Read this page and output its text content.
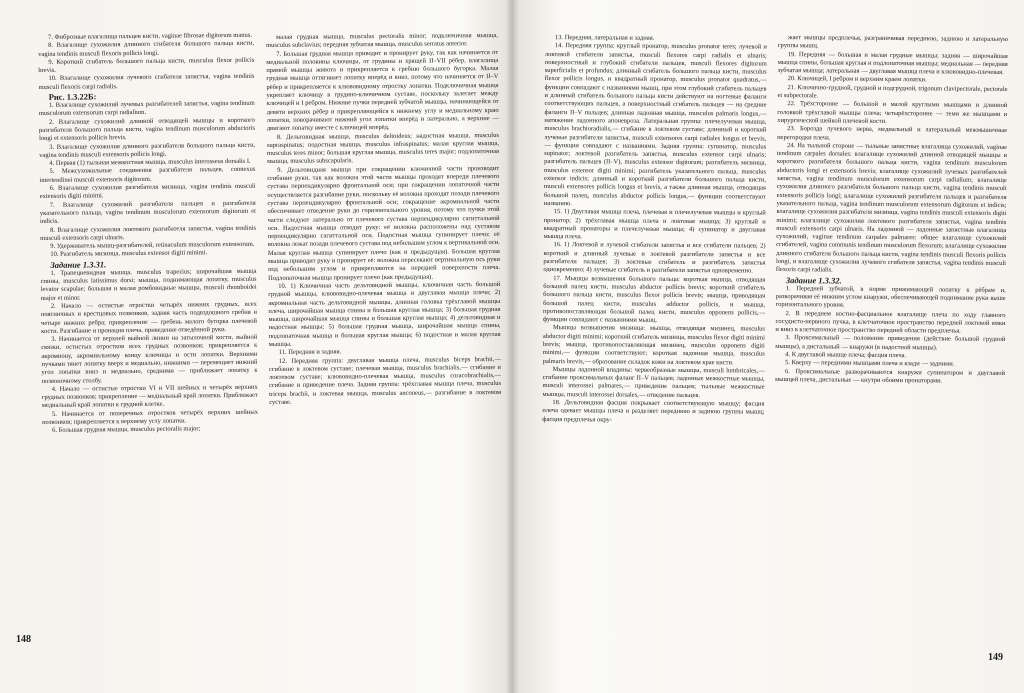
7. Фиброзные влагалища пальцев кисти, vaginae fibrosae digitorum manus.

8. Влагалище сухожилия длинного сгибателя большого пальца кисти, vagina tendinis musculi flexoris pollicis longi.

9. Короткий сгибатель большого пальца кисти, musculus flexor pollicis brevis.

10. Влагалище сухожилия лучевого сгибателя запястья, vagina tendinis musculi flexoris carpi radialis.

Рис. 1.3.22Б:

1. Влагалище сухожилий лучевых разгибателей запястья, vagina tendinum musculorum extensorum carpi radialium.

2. Влагалище сухожилий длинной отводящей мышцы и короткого разгибателя большого пальца кисти, vagina tendinum musculorum abductoris longi et extensoris pollicis brevis.

3. Влагалище сухожилия длинного разгибателя большого пальца кисти, vagina tendinis musculi extensoris pollicis longi.

4. Первая (1) тыльная межкостная мышца, musculus interosseus dorsalis I.

5. Межсухожильные соединения разгибателя пальцев, connexus intertendinei musculi extensoris digitorum.

6. Влагалище сухожилия разгибателя мизинца, vagina tendinis musculi extensoris digiti minimi.

7. Влагалище сухожилий разгибателя пальцев и разгибателя указательного пальца, vagina tendinum musculorum extensorum digitorum et indicis.

8. Влагалище сухожилия локтевого разгибателя запястья, vagina tendinis musculi extensoris carpi ulnaris.

9. Удерживатель мышц-разгибателей, retinaculum musculorum extensorum.

10. Разгибатель мизинца, musculus extensor digiti minimi.

Задание 1.3.31.

1. Трапециевидная мышца, musculus trapezius; широчайшая мышца спины, musculus latissimus dorsi; мышца, поднимающая лопатку, musculus levator scapulae; большая и малая ромбовидные мышцы, musculi rhomboidei major et minor.

2. Начало — остистые отростки четырёх нижних грудных, всех поясничных и крестцовых позвонков, задняя часть подвздошного гребня и четыре нижних ребра; прикрепление — гребень малого бугорка плечевой кости. Разгибание и пронация плеча, приведение отведённой руки.

3. Начинается от верхней выйной линии на затылочной кости, выйной связки, остистых отростков всех грудных позвонков; прикрепляется к акромиону, акромиальному концу ключицы и ости лопатки. Верхними пучками тянет лопатку вверх и медиально, нижними — перемещает нижний угол лопатки вниз и медиально, средними — приближает лопатку к позвоночному столбу.

4. Начало — остистые отростки VI и VII шейных и четырёх верхних грудных позвонков; прикрепление — медиальный край лопатки. Приближает медиальный край лопатки к грудной клетке.

5. Начинается от поперечных отростков четырёх верхних шейных позвонков; прикрепляется к верхнему углу лопатки.

6. Большая грудная мышца, musculus pectoralis major;

малая грудная мышца, musculus pectoralis minor; подключичная мышца, musculus subclavius; передняя зубчатая мышца, musculus serratus anterior.

7. Большая грудная мышца приводит и пронирует руку, так как начинается от медиальной половины ключицы, от грудины и хрящей II–VII рёбер, влагалища прямой мышцы живота и прикрепляется к гребню большого бугорка. Малая грудная мышца оттягивает лопатку вперёд и вниз, потому что начинается от II–V рёбер и прикрепляется к клювовидному отростку лопатки. Подключичная мышца укрепляет ключицу в грудино-ключичном суставе, поскольку залегает между ключицей и I ребром. Нижние пучки передней зубчатой мышцы, начинающейся от девяти верхних рёбер и прикрепляющейся к нижнему углу и медиальному краю лопатки, поворачивают нижний угол лопатки вперёд и латерально, а верхние — двигают лопатку вместе с ключицей вперёд.

8. Дельтовидная мышца, musculus deltoideus; надостная мышца, musculus supraspinatus; подостная мышца, musculus infraspinatus; малая круглая мышца, musculus teres minor; большая круглая мышца, musculus teres major; подлопаточная мышца, musculus subscapularis.

9. Дельтовидная мышца при сокращении ключичной части производит сгибание руки, так как волокна этой части мышцы проходят впереди плечевого сустава перпендикулярно фронтальной оси; при сокращении лопаточной части осуществляется разгибание руки, поскольку её волокна проходят позади плечевого сустава перпендикулярно фронтальной оси; сокращение акромиальной части обеспечивает отведение руки до горизонтального уровня, потому что пучки этой части следуют латерально от плечевого сустава перпендикулярно сагиттальной оси. Надостная мышца отводит руку: её волокна расположены над суставом перпендикулярно сагиттальной оси. Подостная мышца супинирует плечо: её волокна лежат позади плечевого сустава под небольшим углом к вертикальной оси. Малая круглая мышца супинирует плечо (как и предыдущая). Большая круглая мышца приводит руку и пронирует её: волокна пересекают вертикальную ось руки под небольшим углом и прикрепляются на передней поверхности плеча. Подлопаточная мышца пронирует плечо (как предыдущая).

10. 1) Ключичная часть дельтовидной мышцы, ключичная часть большой грудной мышцы, клювовидно-плечевая мышца и двуглавая мышца плеча; 2) акромиальная часть дельтовидной мышцы, длинная головка трёхглавой мышцы плеча, широчайшая мышца спины и большая круглая мышца; 3) большая грудная мышца, широчайшая мышца спины и большая круглая мышца; 4) дельтовидная и надостная мышцы; 5) большая грудная мышца, широчайшая мышца спины, подлопаточная мышца и большая круглая мышца; 6) подостная и малая круглая мышцы.

11. Передняя и задняя.

12. Передняя группа: двуглавая мышца плеча, musculus biceps brachii,— сгибание в локтевом суставе; плечевая мышца, musculus brachialis,— сгибание в локтевом суставе; клювовидно-плечевая мышца, musculus coracobrachialis,— сгибание и приведение плеча. Задняя группа: трёхглавая мышца плеча, musculus triceps brachii, и локтевая мышца, musculus anconeus,— разгибание в локтевом суставе.

148

13. Передняя, латеральная и задняя.

14. Передняя группа: круглый пронатор, musculus pronator teres; лучевой и локтевой сгибатели запястья, musculi flexores carpi radialis et ulnaris; поверхностный и глубокий сгибатели пальцев, musculi flexores digitorum superficialis et profundus; длинный сгибатель большого пальца кисти, musculus flexor pollicis longus, и квадратный пронатор, musculus pronator quadratus,— функции совпадают с названиями мышц, при этом глубокий сгибатель пальцев и длинный сгибатель большого пальца кисти действуют на ногтевые фаланги соответствующих пальцев, а поверхностный сгибатель пальцев — на средние фаланги II–V пальцев; длинная ладонная мышца, musculus palmaris longus,— натяжение ладонного апоневроза. Латеральная группа: плечелучевая мышца, musculus brachioradialis,— сгибание в локтевом суставе; длинный и короткий лучевые разгибатели запястья, musculi extensores carpi radiales longus et brevis,— функции совпадают с названиями. Задняя группа: супинатор, musculus supinator; локтевой разгибатель запястья, musculus extensor carpi ulnaris; разгибатель пальцев (II–V), musculus extensor digitorum; разгибатель мизинца, musculus extensor digiti minimi; разгибатель указательного пальца, musculus extensor indicis; длинный и короткий разгибатели большого пальца кисти, musculi extensores pollicis longus et brevis, а также длинная мышца, отводящая большой палец, musculus abductor pollicis longus,— функции соответствуют названию.

15. 1) Двуглавая мышца плеча, плечевая и плечелучевая мышцы и круглый пронатор; 2) трёхглавая мышца плеча и локтевая мышца; 3) круглый и квадратный пронаторы и плечелучевая мышца; 4) супинатор и двуглавая мышца плеча.

16. 1) Локтевой и лучевой сгибатели запястья и все сгибатели пальцев; 2) короткий и длинный лучевые и локтевой разгибатели запястья и все разгибатели пальцев; 3) локтевые сгибатель и разгибатель запястья одновременно; 4) лучевые сгибатель и разгибатели запястья одновременно.

17. Мышцы возвышения большого пальца: короткая мышца, отводящая большой палец кисти, musculus abductor pollicis brevis; короткий сгибатель большого пальца кисти, musculus flexor pollicis brevis; мышца, приводящая большой палец кисти, musculus adductor pollicis, и мышца, противопоставляющая большой палец кисти, musculus opponens pollicis,— функции совпадают с названиями мышц.

Мышцы возвышения мизинца: мышца, отводящая мизинец, musculus abductor digiti minimi; короткий сгибатель мизинца, musculus flexor digiti minimi brevis; мышца, противопоставляющая мизинец, musculus opponens digiti minimi,— функции соответствуют; короткая ладонная мышца, musculus palmaris brevis,— образование складок кожи на локтевом крае кисти.

Мышцы ладонной впадины: червеобразные мышцы, musculi lumbricales,— сгибание проксимальных фаланг II–V пальцев; ладонные межкостные мышцы, musculi interossei palmares,— приведение пальцев; тыльные межкостные мышцы, musculi interossei dorsales,— отведение пальцев.

18. Дельтовидная фасция покрывает соответствующую мышцу; фасция плеча одевает мышцы плеча и разделяет переднюю и заднюю группы мышц; фасция предплечья окру-

жает мышцы предплечья, разграничивая переднюю, заднюю и латеральную группы мышц.

19. Передняя — большая и малая грудные мышцы; задняя — широчайшая мышца спины, большая круглая и подлопаточная мышцы; медиальная — передняя зубчатая мышца; латеральная — двуглавая мышца плеча и клювовидно-плечевая.

20. Ключицей, I ребром и верхним краем лопатки.

21. Ключично-грудной, грудной и подгрудной, trigonum clavipectorale, pectorale et subpectorale.

22. Трёхсторонне — большой и малой круглыми мышцами и длинной головкой трёхглавой мышцы плеча; четырёхсторонне — теми же мышцами и хирургической шейкой плечевой кости.

23. Борозда лучевого нерва, медиальный и латеральный межмышечные перегородки плеча.

24. На тыльной стороне — тыльные запястные влагалища сухожилий, vaginae tendinum carpales dorsales: влагалище сухожилий длинной отводящей мышцы и короткого разгибателя большого пальца кисти, vagina tendinum musculorum abductoris longi et extensoris brevis; влагалище сухожилий лучевых разгибателей запястья, vagina tendinum musculorum extensorum carpi radialium; влагалище сухожилия длинного разгибателя большого пальца кисти, vagina tendinis musculi extensoris pollicis longi; влагалище сухожилий разгибателя пальцев и разгибателя указательного пальца, vagina tendinum musculorum extensorum digitorum et indicis; влагалище сухожилия разгибателя мизинца, vagina tendinis musculi extensoris digiti minimi; влагалище сухожилия локтевого разгибателя запястья, vagina tendinis musculi extensoris carpi ulnaris. На ладонной — ладонные запястные влагалища сухожилий, vaginae tendinum carpales palmares: общее влагалище сухожилий сгибателей, vagina communis tendinum musculorum flexorum; влагалище сухожилия длинного сгибателя большого пальца кисти, vagina tendinis musculi flexoris pollicis longi, и влагалище сухожилия лучевого сгибателя запястья, vagina tendinis musculi flexoris carpi radialis.

Задание 1.3.32.

1. Передней зубчатой, в норме прижимающей лопатку к рёбрам и, разворачивая её нижним углом кнаружи, обеспечивающей поднимание руки выше горизонтального уровня.

2. В переднем костно-фасциальное влагалище плеча по ходу главного сосудисто-нервного пучка, в клетчаточное пространство передней локтевой ямки и вниз в клетчаточное пространство передней области предплечья.

3. Проксимальный — положение приведения (действие большой грудной мышцы), а дистальный — кнаружи (в надостной мышцы).

4. К двуглавой мышце плеча; фасция плеча.

5. Кверху — передними мышцами плеча и кзади — задними.

6. Проксимальные разворачиваются кнаружи супинатором и двуглавой мышцей плеча, дистальные — кнутри обоими пронаторами.

149
